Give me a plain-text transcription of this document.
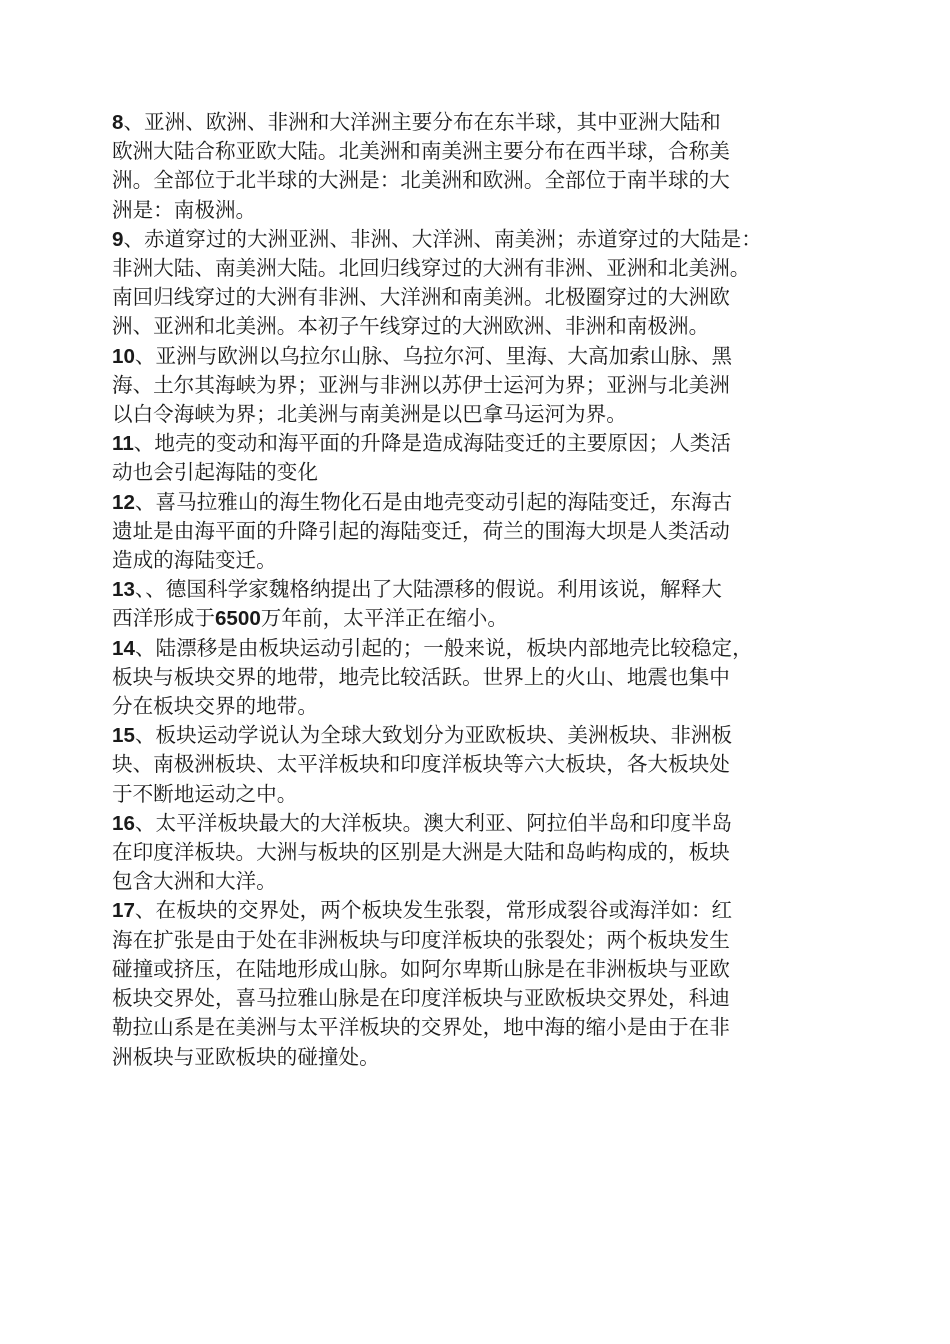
8、亚洲、欧洲、非洲和大洋洲主要分布在东半球，其中亚洲大陆和
欧洲大陆合称亚欧大陆。北美洲和南美洲主要分布在西半球，合称美
洲。全部位于北半球的大洲是：北美洲和欧洲。全部位于南半球的大
洲是：南极洲。
9、赤道穿过的大洲亚洲、非洲、大洋洲、南美洲；赤道穿过的大陆是：
非洲大陆、南美洲大陆。北回归线穿过的大洲有非洲、亚洲和北美洲。
南回归线穿过的大洲有非洲、大洋洲和南美洲。北极圈穿过的大洲欧
洲、亚洲和北美洲。本初子午线穿过的大洲欧洲、非洲和南极洲。
10、亚洲与欧洲以乌拉尔山脉、乌拉尔河、里海、大高加索山脉、黑
海、土尔其海峡为界；亚洲与非洲以苏伊士运河为界；亚洲与北美洲
以白令海峡为界；北美洲与南美洲是以巴拿马运河为界。
11、地壳的变动和海平面的升降是造成海陆变迁的主要原因；人类活
动也会引起海陆的变化
12、喜马拉雅山的海生物化石是由地壳变动引起的海陆变迁，东海古
遗址是由海平面的升降引起的海陆变迁，荷兰的围海大坝是人类活动
造成的海陆变迁。
13、、德国科学家魏格纳提出了大陆漂移的假说。利用该说，解释大
西洋形成于6500万年前，太平洋正在缩小。
14、陆漂移是由板块运动引起的；一般来说，板块内部地壳比较稳定，
板块与板块交界的地带，地壳比较活跃。世界上的火山、地震也集中
分在板块交界的地带。
15、板块运动学说认为全球大致划分为亚欧板块、美洲板块、非洲板
块、南极洲板块、太平洋板块和印度洋板块等六大板块，各大板块处
于不断地运动之中。
16、太平洋板块最大的大洋板块。澳大利亚、阿拉伯半岛和印度半岛
在印度洋板块。大洲与板块的区别是大洲是大陆和岛屿构成的，板块
包含大洲和大洋。
17、在板块的交界处，两个板块发生张裂，常形成裂谷或海洋如：红
海在扩张是由于处在非洲板块与印度洋板块的张裂处；两个板块发生
碰撞或挤压，在陆地形成山脉。如阿尔卑斯山脉是在非洲板块与亚欧
板块交界处，喜马拉雅山脉是在印度洋板块与亚欧板块交界处，科迪
勒拉山系是在美洲与太平洋板块的交界处，地中海的缩小是由于在非
洲板块与亚欧板块的碰撞处。
